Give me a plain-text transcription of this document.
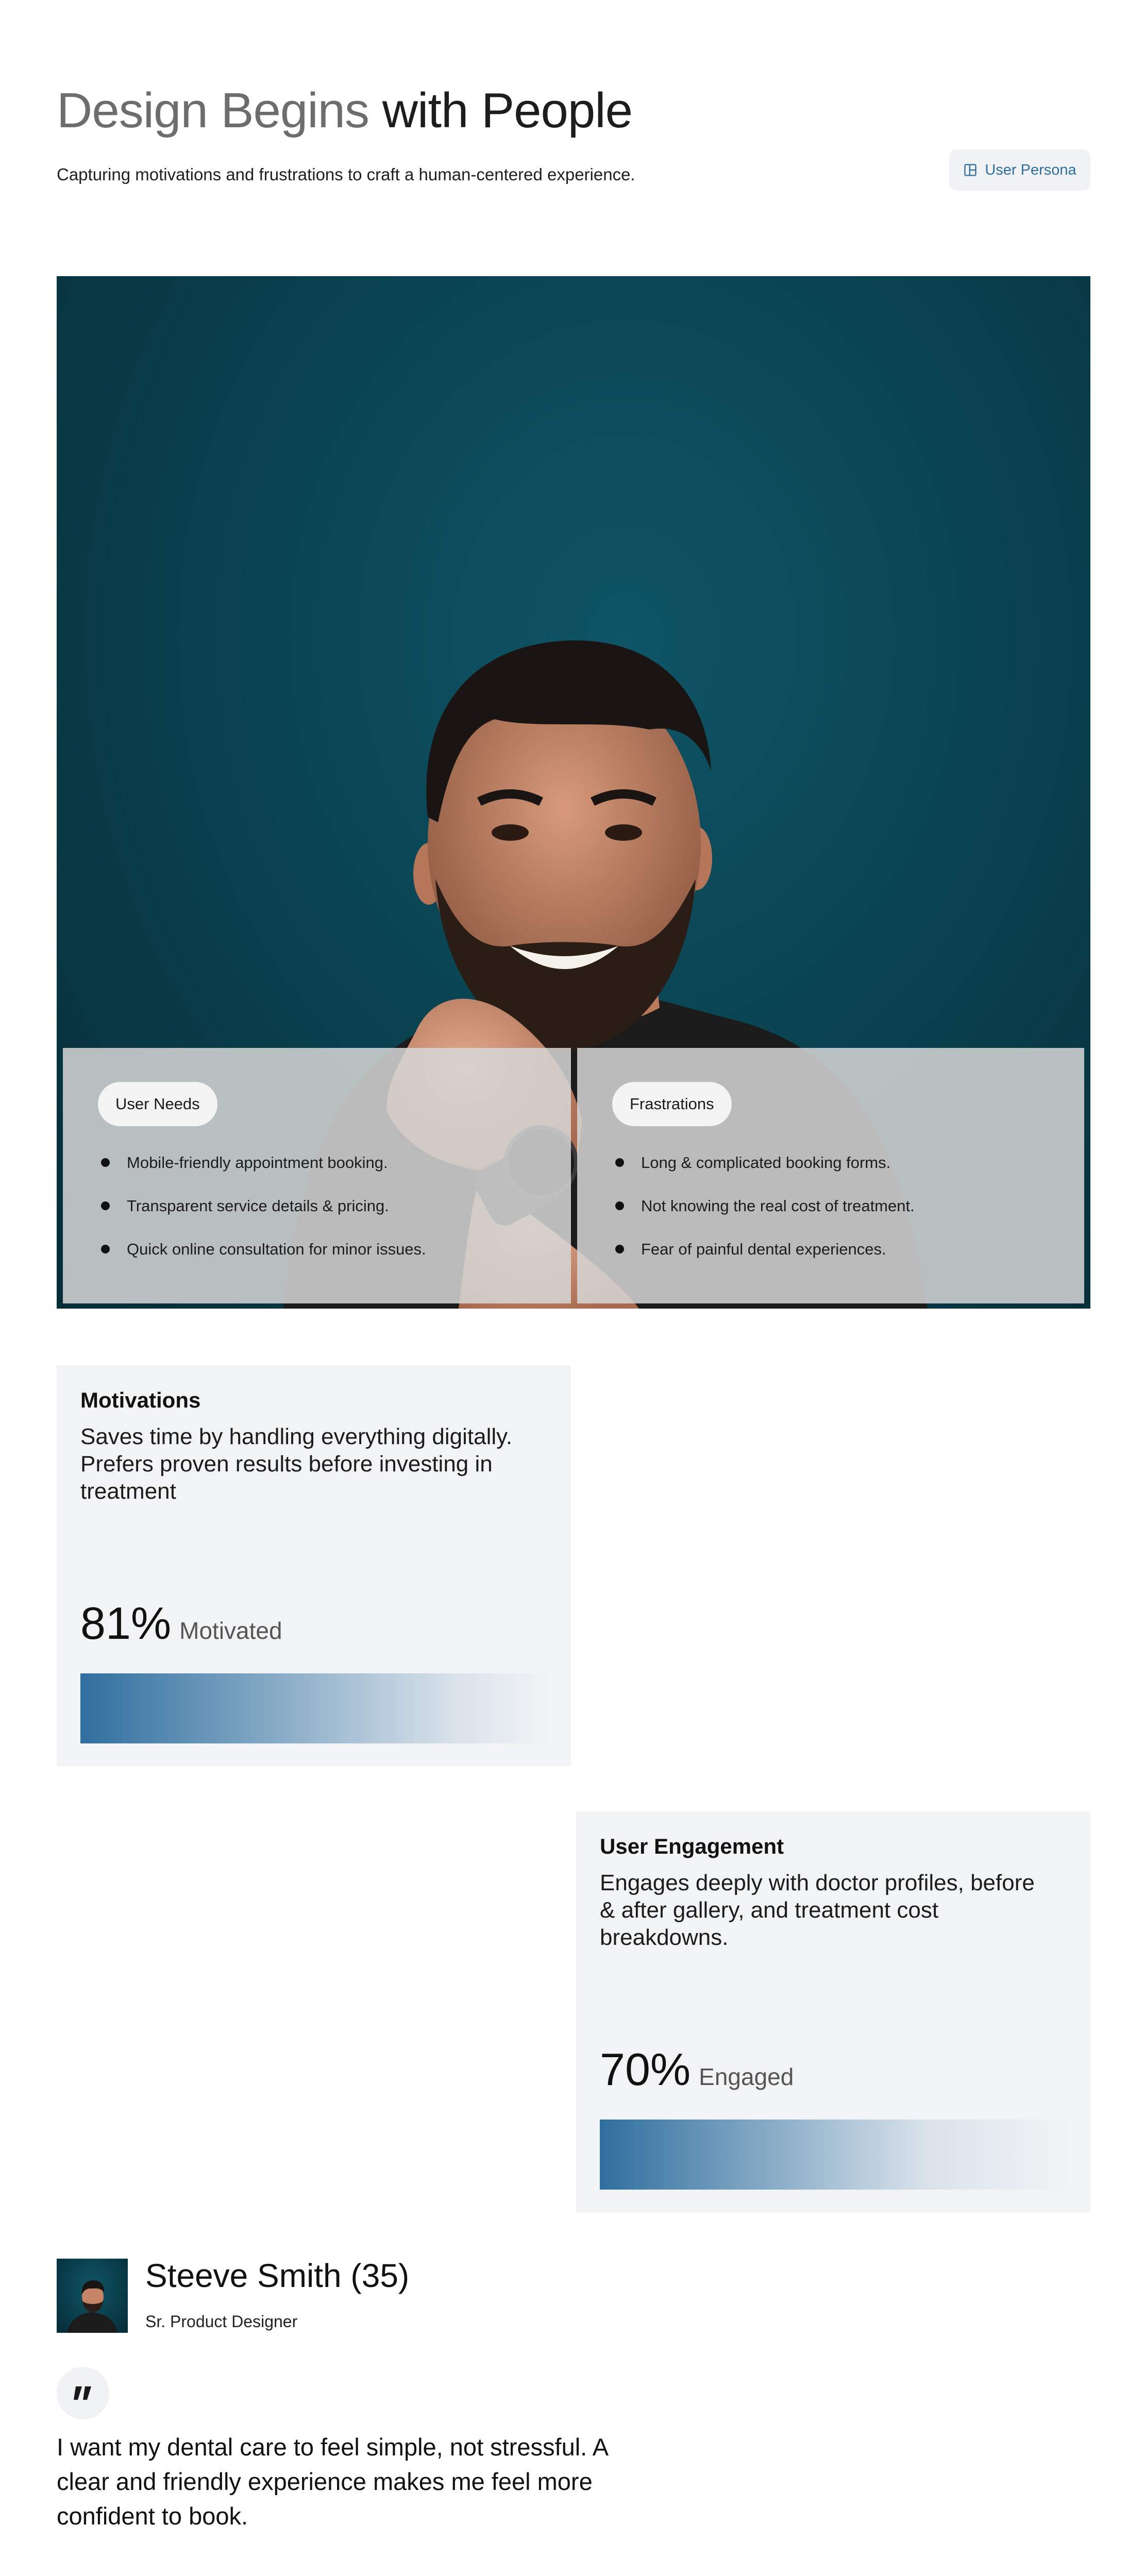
Design Begins with People

Capturing motivations and frustrations to craft a human-centered experience.	User Persona
User Needs
Mobile-friendly appointment booking.
Transparent service details & pricing.
Quick online consultation for minor issues.
Frastrations
Long & complicated booking forms.
Not knowing the real cost of treatment.
Fear of painful dental experiences.
Motivations
Saves time by handling everything digitally. Prefers proven results before investing in treatment
81% Motivated
User Engagement
Engages deeply with doctor profiles, before & after gallery, and treatment cost breakdowns.
70% Engaged
Steeve Smith (35)
Sr. Product Designer

I want my dental care to feel simple, not stressful. A clear and friendly experience makes me feel more confident to book.
